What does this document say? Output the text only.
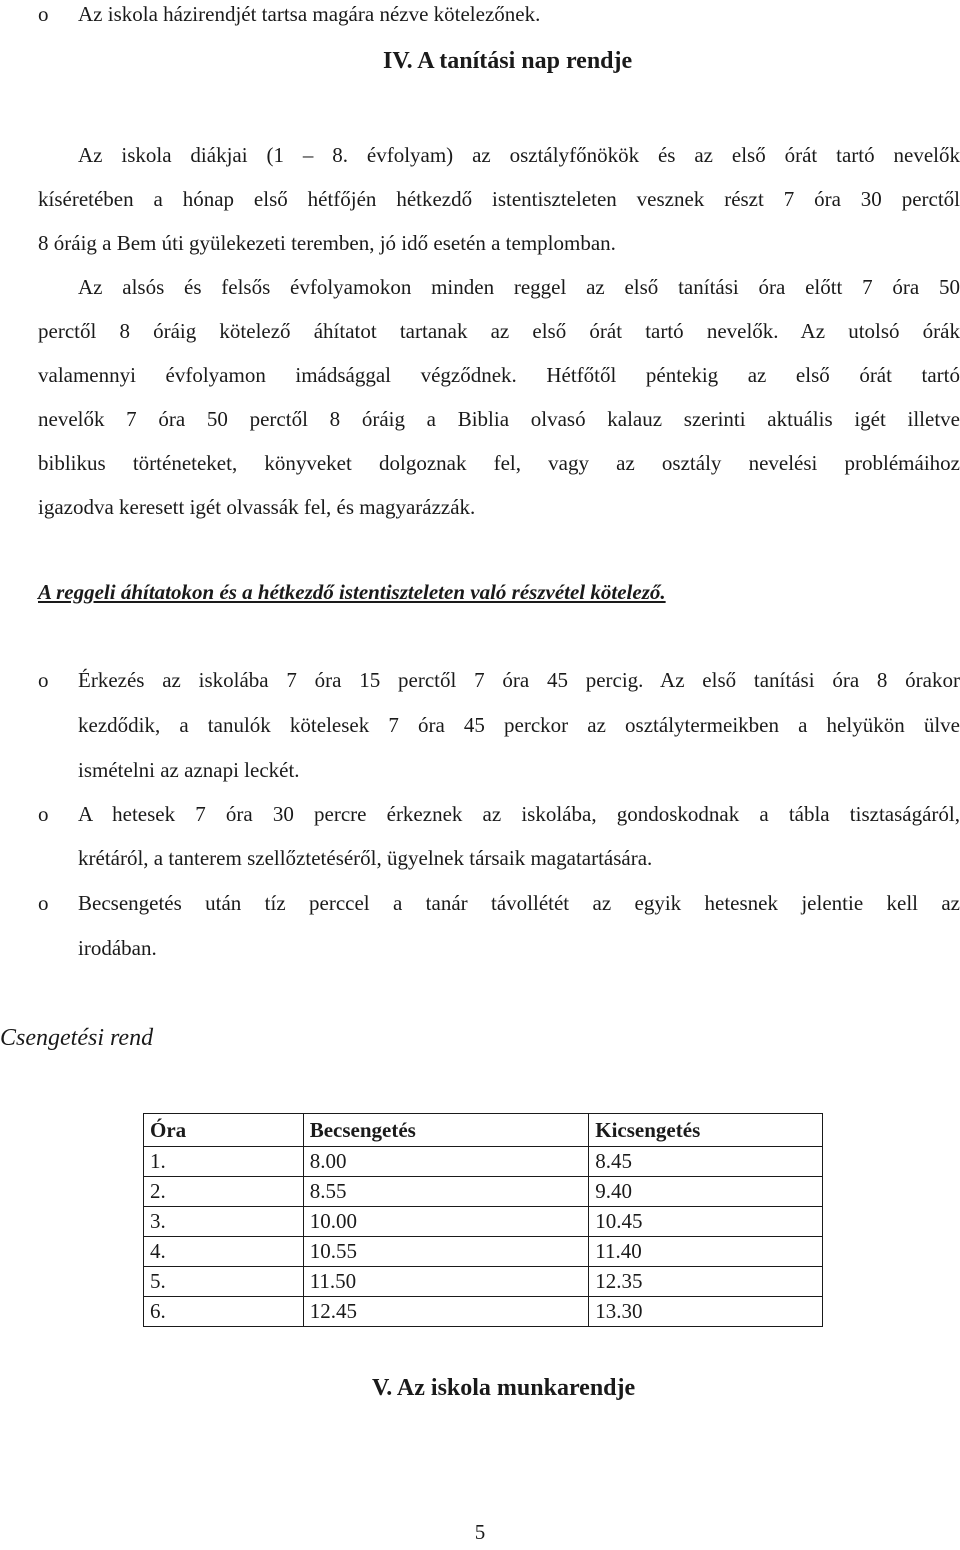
o Az iskola házirendjét tartsa magára nézve kötelezőnek.
IV. A tanítási nap rendje
Az iskola diákjai (1 – 8. évfolyam) az osztályfőnökök és az első órát tartó nevelők
kíséretében a hónap első hétfőjén hétkezdő istentiszteleten vesznek részt 7 óra 30 perctől
8 óráig a Bem úti gyülekezeti teremben, jó idő esetén a templomban.
Az alsós és felsős évfolyamokon minden reggel az első tanítási óra előtt 7 óra 50
perctől 8 óráig kötelező áhítatot tartanak az első órát tartó nevelők. Az utolsó órák
valamennyi évfolyamon imádsággal végződnek. Hétfőtől péntekig az első órát tartó
nevelők 7 óra 50 perctől 8 óráig a Biblia olvasó kalauz szerinti aktuális igét illetve
biblikus történeteket, könyveket dolgoznak fel, vagy az osztály nevelési problémáihoz
igazodva keresett igét olvassák fel, és magyarázzák.
A reggeli áhítatokon és a hétkezdő istentiszteleten való részvétel kötelező.
o Érkezés az iskolába 7 óra 15 perctől 7 óra 45 percig. Az első tanítási óra 8 órakor
kezdődik, a tanulók kötelesek 7 óra 45 perckor az osztálytermeikben a helyükön ülve
ismételni az aznapi leckét.
o A hetesek 7 óra 30 percre érkeznek az iskolába, gondoskodnak a tábla tisztaságáról,
krétáról, a tanterem szellőztetéséről, ügyelnek társaik magatartására.
o Becsengetés után tíz perccel a tanár távollétét az egyik hetesnek jelentie kell az
irodában.
Csengetési rend
Óra	Becsengetés	Kicsengetés
1.	8.00	8.45
2.	8.55	9.40
3.	10.00	10.45
4.	10.55	11.40
5.	11.50	12.35
6.	12.45	13.30
V. Az iskola munkarendje
5
